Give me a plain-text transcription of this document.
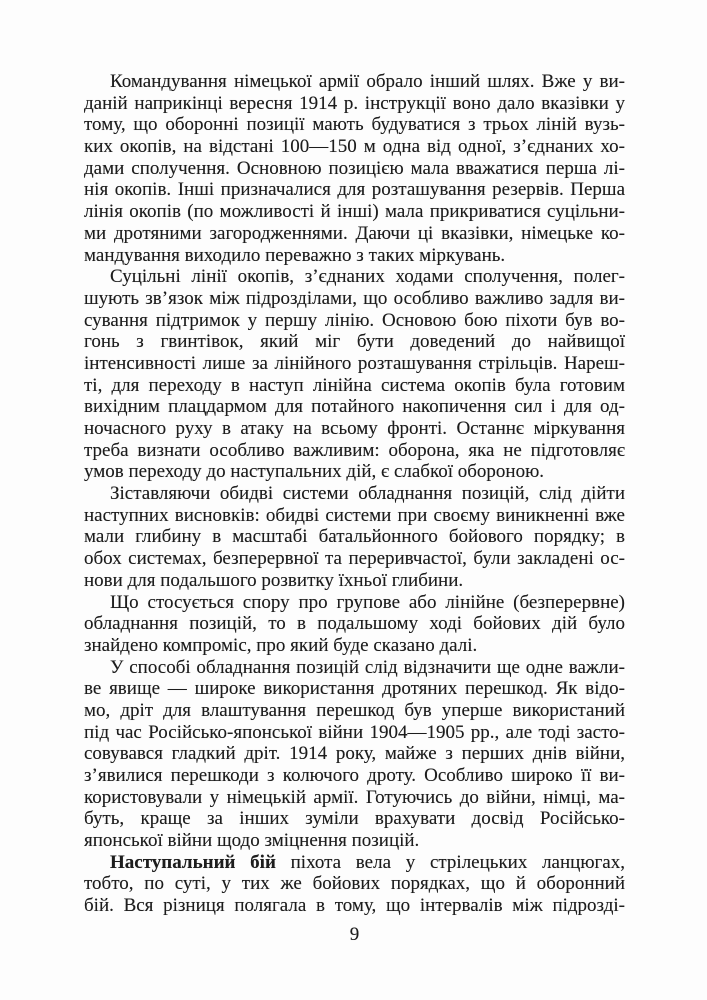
Командування німецької армії обрало інший шлях. Вже у ви-
даній наприкінці вересня 1914 р. інструкції воно дало вказівки у
тому, що оборонні позиції мають будуватися з трьох ліній вузь-
ких окопів, на відстані 100—150 м одна від одної, з’єднаних хо-
дами сполучення. Основною позицією мала вважатися перша лі-
нія окопів. Інші призначалися для розташування резервів. Перша
лінія окопів (по можливості й інші) мала прикриватися суцільни-
ми дротяними загородженнями. Даючи ці вказівки, німецьке ко-
мандування виходило переважно з таких міркувань.
Суцільні лінії окопів, з’єднаних ходами сполучення, полег-
шують зв’язок між підрозділами, що особливо важливо задля ви-
сування підтримок у першу лінію. Основою бою піхоти був во-
гонь з гвинтівок, який міг бути доведений до найвищої
інтенсивності лише за лінійного розташування стрільців. Нареш-
ті, для переходу в наступ лінійна система окопів була готовим
вихідним плацдармом для потайного накопичення сил і для од-
ночасного руху в атаку на всьому фронті. Останнє міркування
треба визнати особливо важливим: оборона, яка не підготовляє
умов переходу до наступальних дій, є слабкої обороною.
Зіставляючи обидві системи обладнання позицій, слід дійти
наступних висновків: обидві системи при своєму виникненні вже
мали глибину в масштабі батальйонного бойового порядку; в
обох системах, безперервної та переривчастої, були закладені ос-
нови для подальшого розвитку їхньої глибини.
Що стосується спору про групове або лінійне (безперервне)
обладнання позицій, то в подальшому ході бойових дій було
знайдено компроміс, про який буде сказано далі.
У способі обладнання позицій слід відзначити ще одне важли-
ве явище — широке використання дротяних перешкод. Як відо-
мо, дріт для влаштування перешкод був уперше використаний
під час Російсько-японської війни 1904—1905 рр., але тоді засто-
совувався гладкий дріт. 1914 року, майже з перших днів війни,
з’явилися перешкоди з колючого дроту. Особливо широко її ви-
користовували у німецькій армії. Готуючись до війни, німці, ма-
буть, краще за інших зуміли врахувати досвід Російсько-
японської війни щодо зміцнення позицій.
Наступальний бій піхота вела у стрілецьких ланцюгах,
тобто, по суті, у тих же бойових порядках, що й оборонний
бій. Вся різниця полягала в тому, що інтервалів між підрозді-
9
